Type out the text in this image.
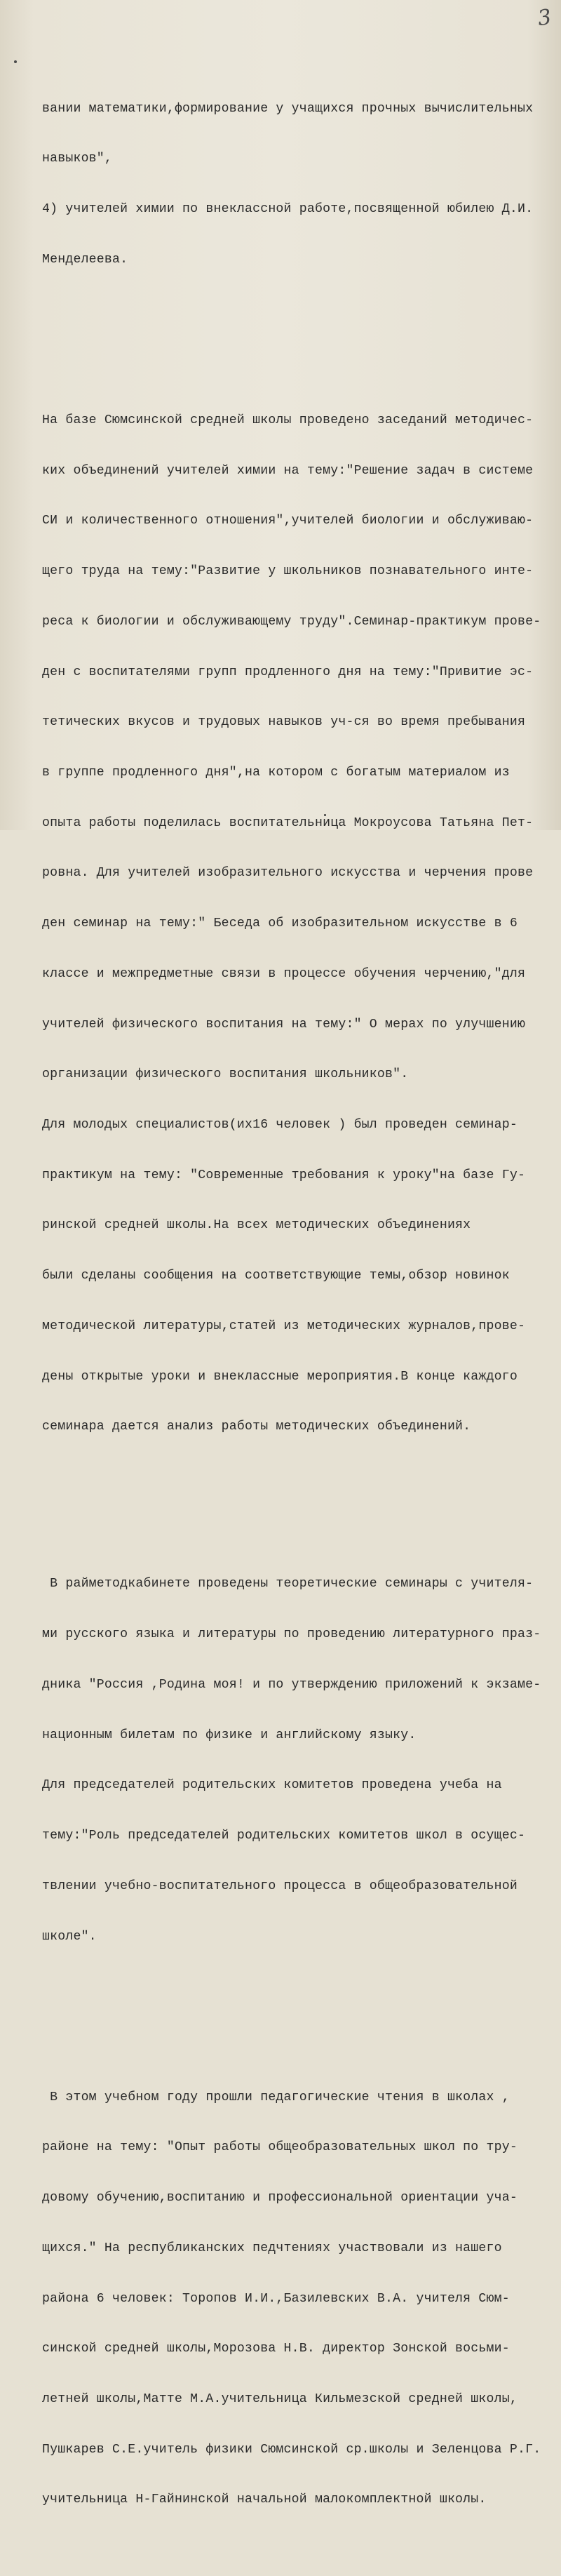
3

вании математики,формирование у учащихся прочных вычислительных

навыков",

4) учителей химии по внеклассной работе,посвященной юбилею Д.И.

Менделеева.

На базе Сюмсинской средней школы проведено заседаний методичес-

ких объединений учителей химии на тему:"Решение задач в системе

СИ и количественного отношения",учителей биологии и обслуживаю-

щего труда на тему:"Развитие у школьников познавательного инте-

реса к биологии и обслуживающему труду".Семинар-практикум прове-

ден с воспитателями групп продленного дня на тему:"Привитие эс-

тетических вкусов и трудовых навыков уч-ся во время пребывания

в группе продленного дня",на котором с богатым материалом из

опыта работы поделилась воспитательница Мокроусова Татьяна Пет-

ровна. Для учителей изобразительного искусства и черчения прове

ден семинар на тему:" Беседа об изобразительном искусстве в 6

классе и межпредметные связи в процессе обучения черчению,"для

учителей физического воспитания на тему:" О мерах по улучшению

организации физического воспитания школьников".

Для молодых специалистов(их16 человек ) был проведен семинар-

практикум на тему: "Современные требования к уроку"на базе Гу-

ринской средней школы.На всех методических объединениях

были сделаны сообщения на соответствующие темы,обзор новинок

методической литературы,статей из методических журналов,прове-

дены открытые уроки и внеклассные мероприятия.В конце каждого

семинара дается анализ работы методических объединений.

В райметодкабинете проведены теоретические семинары с учителя-

ми русского языка и литературы по проведению литературного праз-

дника "Россия ,Родина моя! и по утверждению приложений к экзаме-

национным билетам по физике и английскому языку.

Для председателей родительских комитетов проведена учеба на

тему:"Роль председателей родительских комитетов школ в осущес-

твлении учебно-воспитательного процесса в общеобразовательной

школе".

В этом учебном году прошли педагогические чтения в школах ,

районе на тему: "Опыт работы общеобразовательных школ по тру-

довому обучению,воспитанию и профессиональной ориентации уча-

щихся." На республиканских педчтениях участвовали из нашего

района 6 человек: Торопов И.И.,Базилевских В.А. учителя Сюм-

синской средней школы,Морозова Н.В. директор Зонской восьми-

летней школы,Матте М.А.учительница Кильмезской средней школы,

Пушкарев С.Е.учитель физики Сюмсинской ср.школы и Зеленцова Р.Г.

учительница Н-Гайнинской начальной малокомплектной школы.
